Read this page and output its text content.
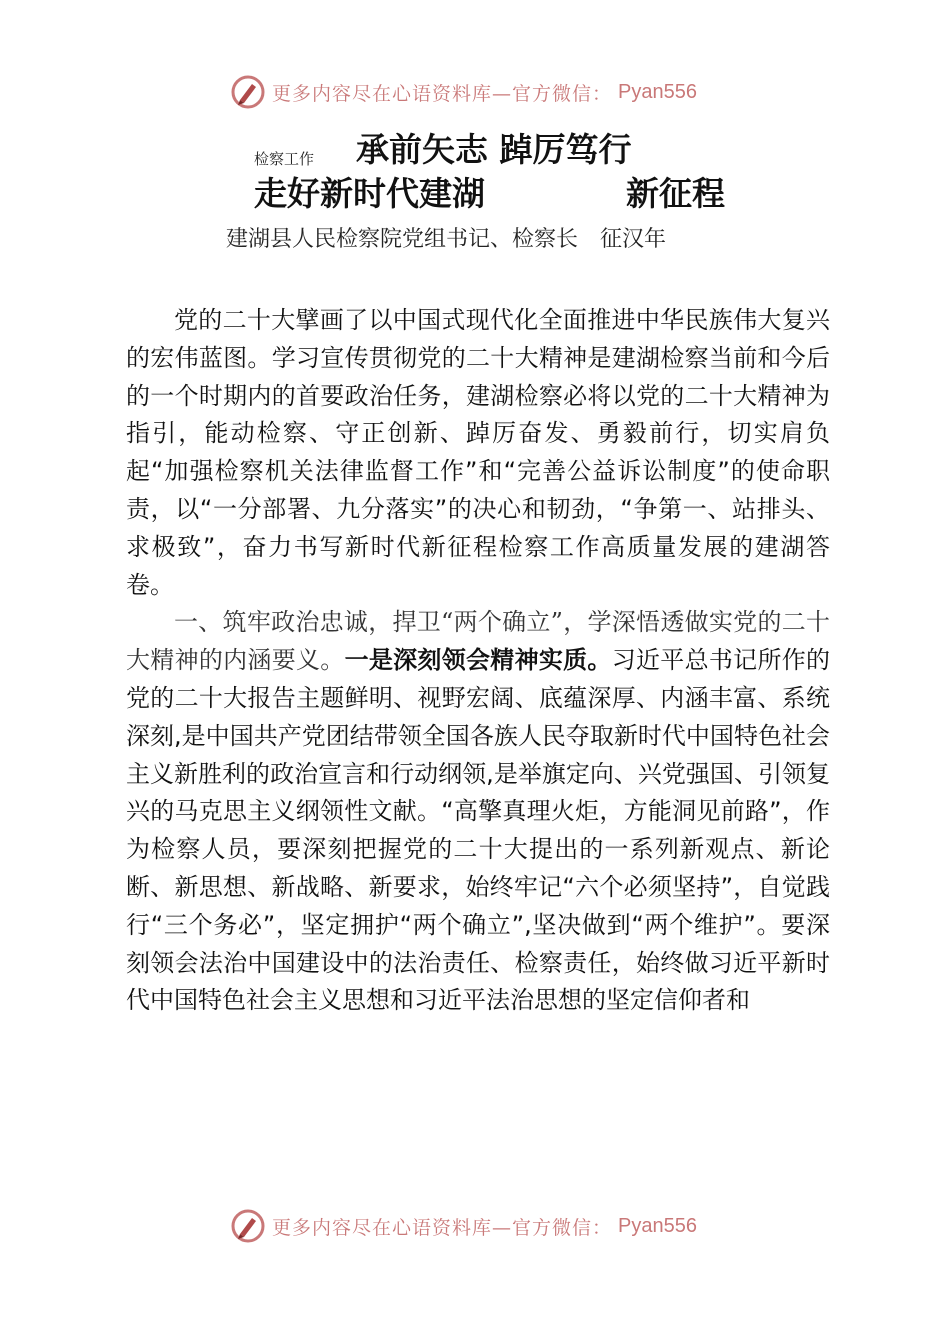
更多内容尽在心语资料库—官方微信： Pyan556
检察工作 承前矢志 踔厉笃行
走好新时代建湖	新征程
建湖县人民检察院党组书记、检察长　征汉年

党的二十大擘画了以中国式现代化全面推进中华民族伟大复兴的宏伟蓝图。学习宣传贯彻党的二十大精神是建湖检察当前和今后的一个时期内的首要政治任务，建湖检察必将以党的二十大精神为指引，能动检察、守正创新、踔厉奋发、勇毅前行，切实肩负起“加强检察机关法律监督工作”和“完善公益诉讼制度”的使命职责，以“一分部署、九分落实”的决心和韧劲，“争第一、站排头、求极致”，奋力书写新时代新征程检察工作高质量发展的建湖答卷。

一、筑牢政治忠诚，捍卫“两个确立”，学深悟透做实党的二十大精神的内涵要义。一是深刻领会精神实质。习近平总书记所作的党的二十大报告主题鲜明、视野宏阔、底蕴深厚、内涵丰富、系统深刻,是中国共产党团结带领全国各族人民夺取新时代中国特色社会主义新胜利的政治宣言和行动纲领,是举旗定向、兴党强国、引领复兴的马克思主义纲领性文献。“高擎真理火炬，方能洞见前路”，作为检察人员，要深刻把握党的二十大提出的一系列新观点、新论断、新思想、新战略、新要求，始终牢记“六个必须坚持”，自觉践行“三个务必”，坚定拥护“两个确立”,坚决做到“两个维护”。要深刻领会法治中国建设中的法治责任、检察责任，始终做习近平新时代中国特色社会主义思想和习近平法治思想的坚定信仰者和

更多内容尽在心语资料库—官方微信： Pyan556
